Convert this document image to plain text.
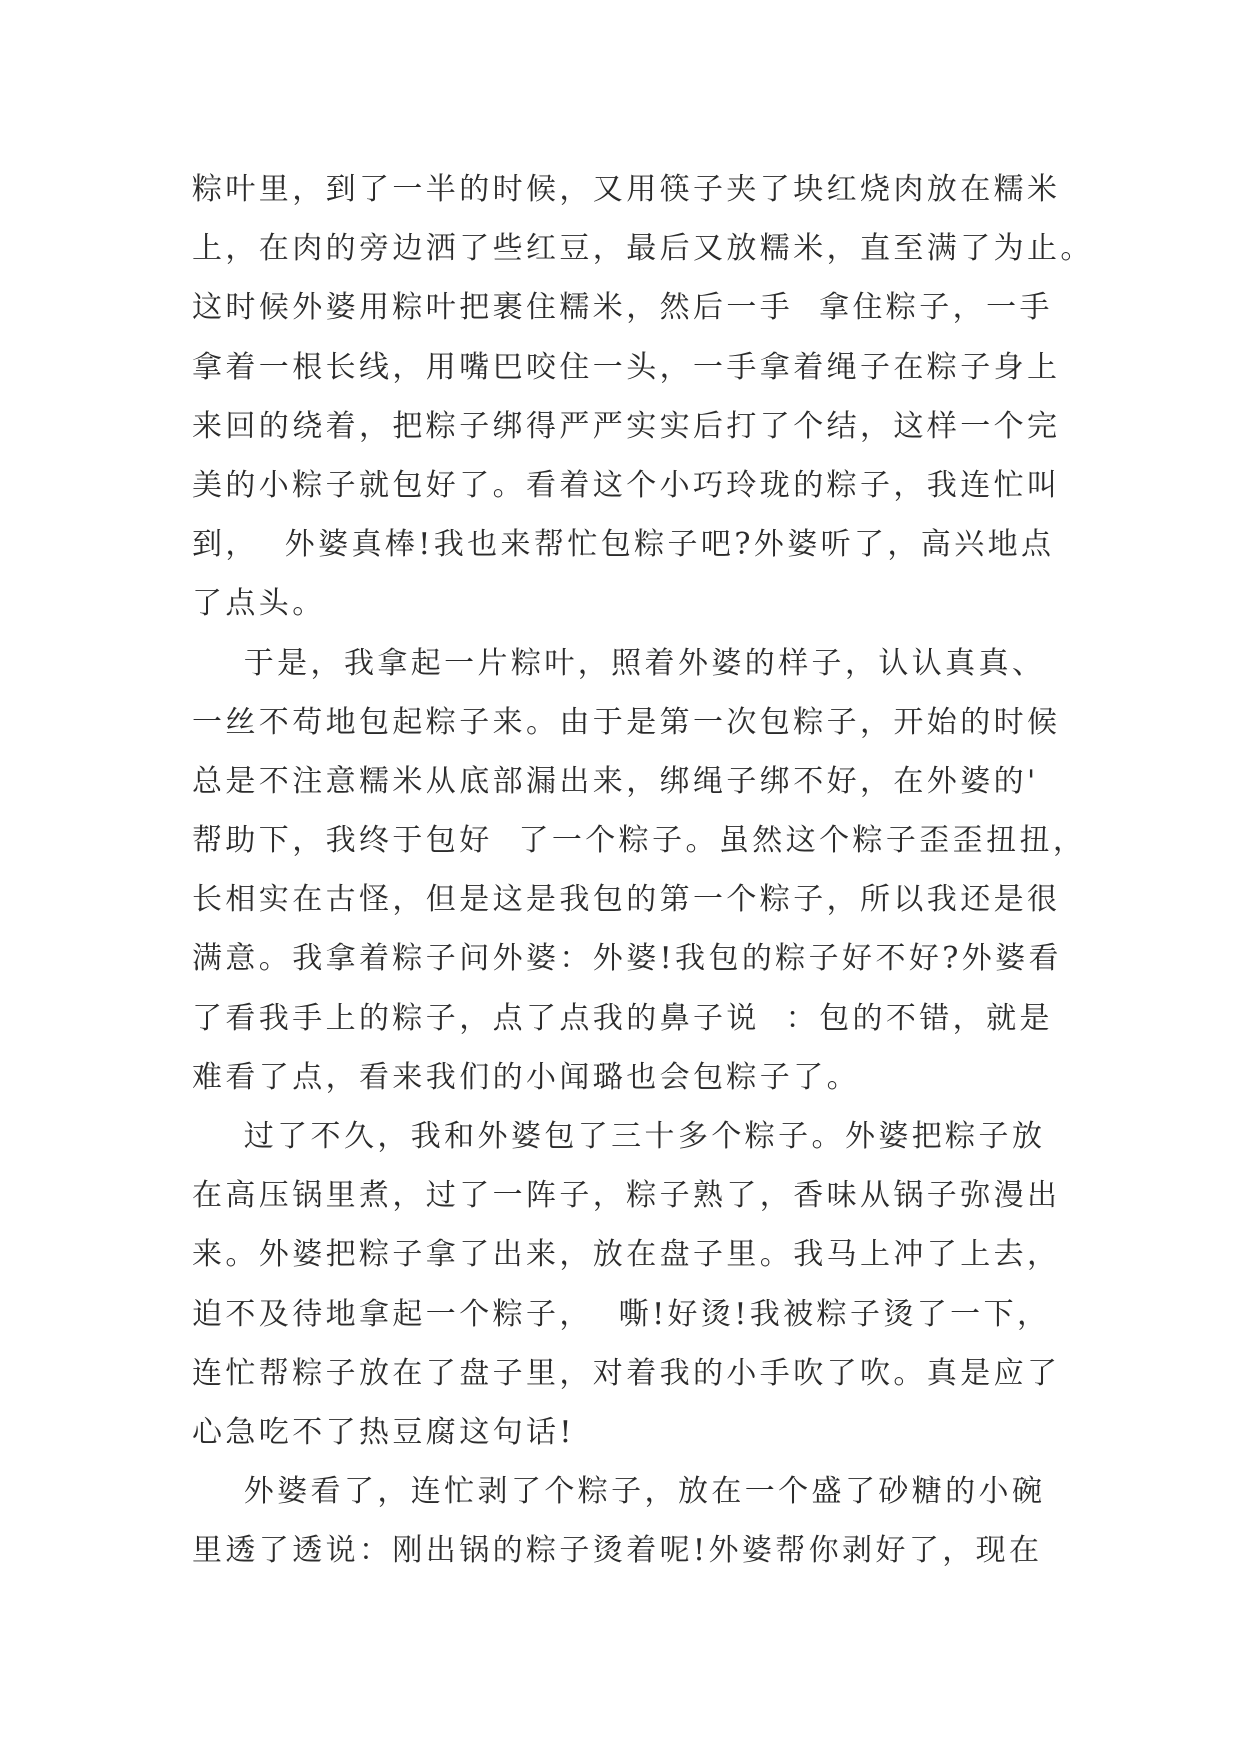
粽叶里，到了一半的时候，又用筷子夹了块红烧肉放在糯米
上，在肉的旁边洒了些红豆，最后又放糯米，直至满了为止。
这时候外婆用粽叶把裹住糯米，然后一手  拿住粽子，一手
拿着一根长线，用嘴巴咬住一头，一手拿着绳子在粽子身上
来回的绕着，把粽子绑得严严实实后打了个结，这样一个完
美的小粽子就包好了。看着这个小巧玲珑的粽子，我连忙叫
到，  外婆真棒!我也来帮忙包粽子吧?外婆听了，高兴地点
了点头。
于是，我拿起一片粽叶，照着外婆的样子，认认真真、
一丝不苟地包起粽子来。由于是第一次包粽子，开始的时候
总是不注意糯米从底部漏出来，绑绳子绑不好，在外婆的'
帮助下，我终于包好  了一个粽子。虽然这个粽子歪歪扭扭，
长相实在古怪，但是这是我包的第一个粽子，所以我还是很
满意。我拿着粽子问外婆：外婆!我包的粽子好不好?外婆看
了看我手上的粽子，点了点我的鼻子说  ：包的不错，就是
难看了点，看来我们的小闻璐也会包粽子了。
过了不久，我和外婆包了三十多个粽子。外婆把粽子放
在高压锅里煮，过了一阵子，粽子熟了，香味从锅子弥漫出
来。外婆把粽子拿了出来，放在盘子里。我马上冲了上去，
迫不及待地拿起一个粽子，  嘶!好烫!我被粽子烫了一下，
连忙帮粽子放在了盘子里，对着我的小手吹了吹。真是应了
心急吃不了热豆腐这句话!
外婆看了，连忙剥了个粽子，放在一个盛了砂糖的小碗
里透了透说：刚出锅的粽子烫着呢!外婆帮你剥好了，现在
